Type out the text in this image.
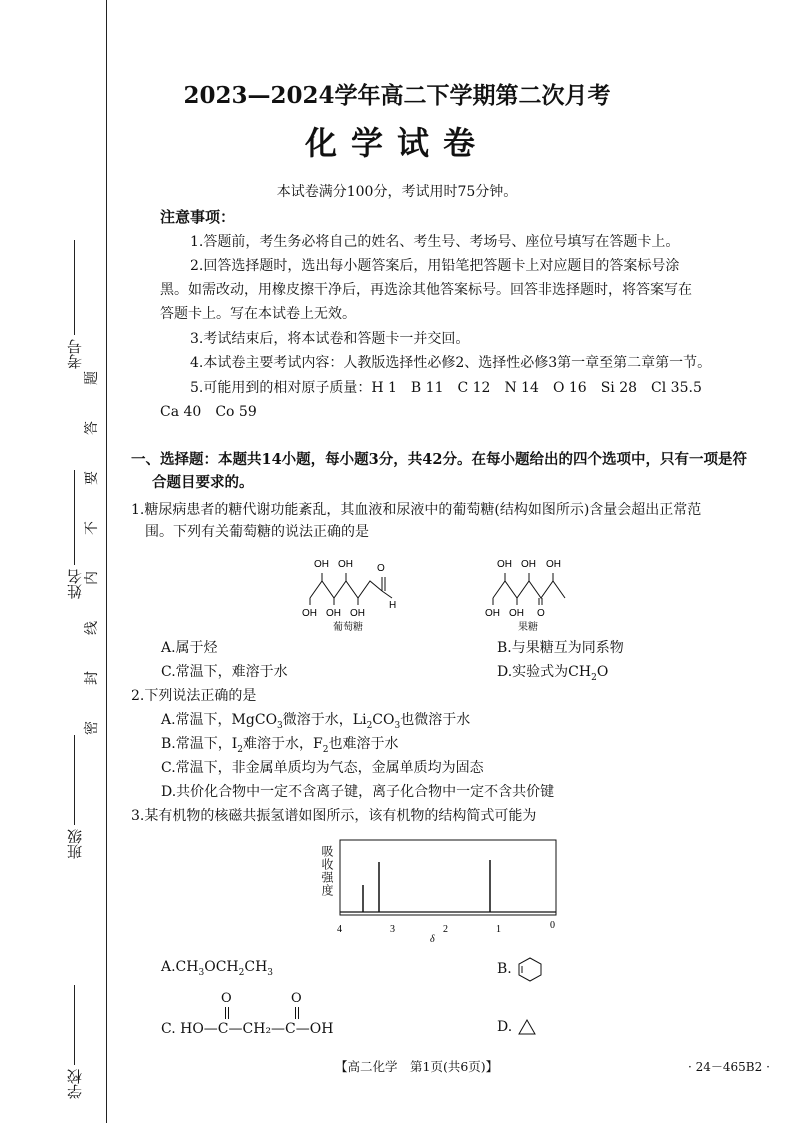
考号
姓名
班级
学校
题
答
要
不
内
线
封
密
2023—2024学年高二下学期第二次月考
化学试卷
本试卷满分100分，考试用时75分钟。
注意事项：
1.答题前，考生务必将自己的姓名、考生号、考场号、座位号填写在答题卡上。
2.回答选择题时，选出每小题答案后，用铅笔把答题卡上对应题目的答案标号涂
黑。如需改动，用橡皮擦干净后，再选涂其他答案标号。回答非选择题时，将答案写在
答题卡上。写在本试卷上无效。
3.考试结束后，将本试卷和答题卡一并交回。
4.本试卷主要考试内容：人教版选择性必修2、选择性必修3第一章至第二章第一节。
5.可能用到的相对原子质量：H 1　B 11　C 12　N 14　O 16　Si 28　Cl 35.5
Ca 40　Co 59
一、选择题：本题共14小题，每小题3分，共42分。在每小题给出的四个选项中，只有一项是符
合题目要求的。
1.糖尿病患者的糖代谢功能紊乱，其血液和尿液中的葡萄糖(结构如图所示)含量会超出正常范
围。下列有关葡萄糖的说法正确的是
OH OH O
OH OH OH
H
葡萄糖
OH OH OH
OH OH O
果糖
A.属于烃	B.与果糖互为同系物
C.常温下，难溶于水	D.实验式为$CH_2O$
2.下列说法正确的是
A.常温下，MgCO$_3$微溶于水，$Li_2CO_3$也微溶于水
B.常温下，$I_2$难溶于水，$F_2$也难溶于水
C.常温下，非金属单质均为气态，金属单质均为固态
D.共价化合物中一定不含离子键，离子化合物中一定不含共价键
3.某有机物的核磁共振氢谱如图所示，该有机物的结构简式可能为
吸收强度
4	3	2	1	0
δ
$A.CH_3OCH_2CH_3$	B.
O	O
C. HO—C—CH₂—C—OH	D.
【高二化学　第1页(共6页)】	· 24－465B2 ·
